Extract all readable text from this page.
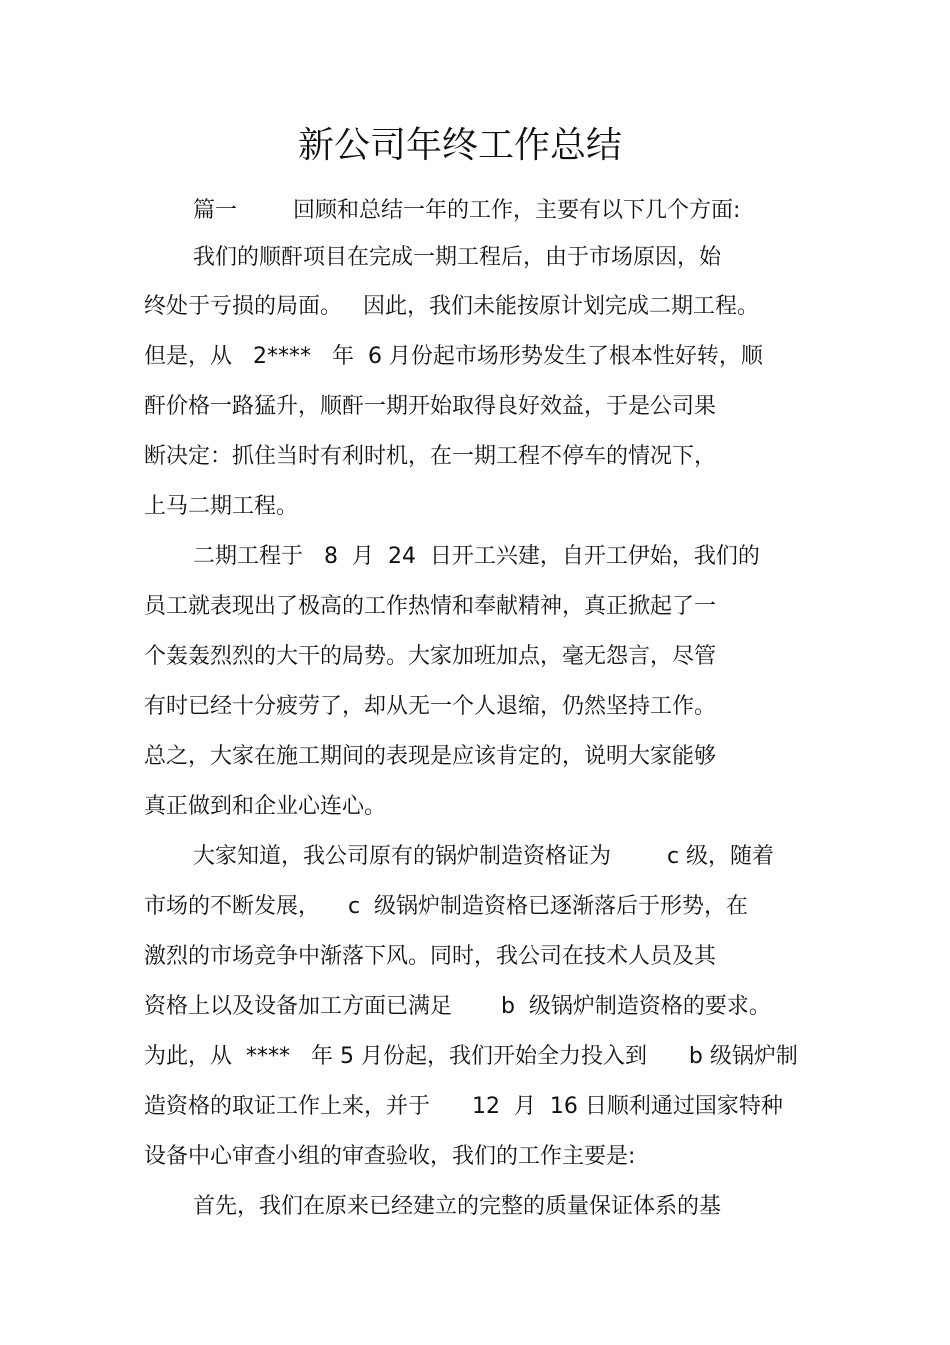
新公司年终工作总结
篇一        回顾和总结一年的工作，主要有以下几个方面:
我们的顺酐项目在完成一期工程后，由于市场原因，始
终处于亏损的局面。   因此，我们未能按原计划完成二期工程。
但是，从   2****   年  6 月份起市场形势发生了根本性好转，顺
酐价格一路猛升，顺酐一期开始取得良好效益，于是公司果
断决定：抓住当时有利时机，在一期工程不停车的情况下，
上马二期工程。
二期工程于   8  月  24  日开工兴建，自开工伊始，我们的
员工就表现出了极高的工作热情和奉献精神，真正掀起了一
个轰轰烈烈的大干的局势。大家加班加点，毫无怨言，尽管
有时已经十分疲劳了，却从无一个人退缩，仍然坚持工作。
总之，大家在施工期间的表现是应该肯定的，说明大家能够
真正做到和企业心连心。
大家知道，我公司原有的锅炉制造资格证为        c 级，随着
市场的不断发展，    c  级锅炉制造资格已逐渐落后于形势，在
激烈的市场竞争中渐落下风。同时，我公司在技术人员及其
资格上以及设备加工方面已满足       b  级锅炉制造资格的要求。
为此，从  ****   年 5 月份起，我们开始全力投入到      b 级锅炉制
造资格的取证工作上来，并于      12  月  16 日顺利通过国家特种
设备中心审查小组的审查验收，我们的工作主要是:
首先，我们在原来已经建立的完整的质量保证体系的基
